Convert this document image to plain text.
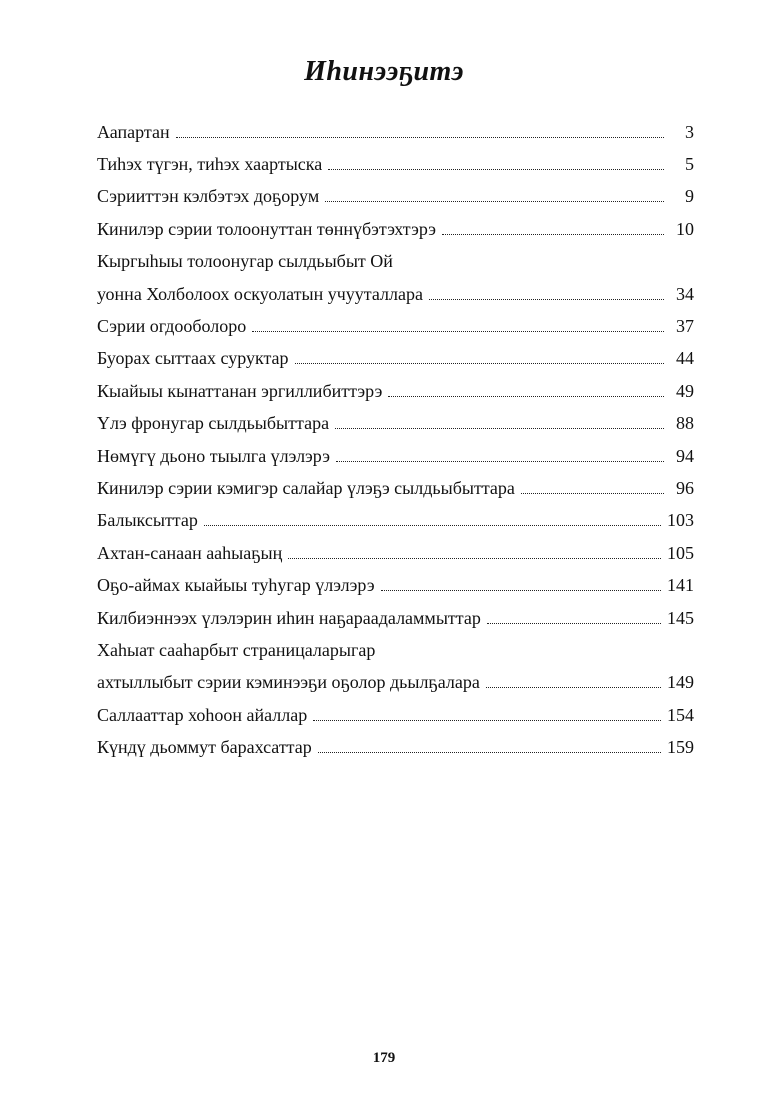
Иһинээҕитэ
Аапартан	3
Тиһэх түгэн, тиһэх хаартыска	5
Сэрииттэн кэлбэтэх доҕорум	9
Кинилэр сэрии толоонуттан төннүбэтэхтэрэ	10
Кыргыһыы толоонугар сылдьыбыт Ой
уонна Холболоох оскуолатын учууталлара	34
Сэрии огдооболоро	37
Буорах сыттаах суруктар	44
Кыайыы кынаттанан эргиллибиттэрэ	49
Үлэ фронугар сылдьыбыттара	88
Нөмүгү дьоно тыылга үлэлэрэ	94
Кинилэр сэрии кэмигэр салайар үлэҕэ сылдьыбыттара	96
Балыксыттар	103
Ахтан-санаан ааһыаҕың	105
Оҕо-аймах кыайыы туһугар үлэлэрэ	141
Килбиэннээх үлэлэрин иһин наҕараадаламмыттар	145
Хаһыат сааһарбыт страницаларыгар
ахтыллыбыт сэрии кэминээҕи оҕолор дьылҕалара	149
Саллааттар хоһоон айаллар	154
Күндү дьоммут барахсаттар	159
179
